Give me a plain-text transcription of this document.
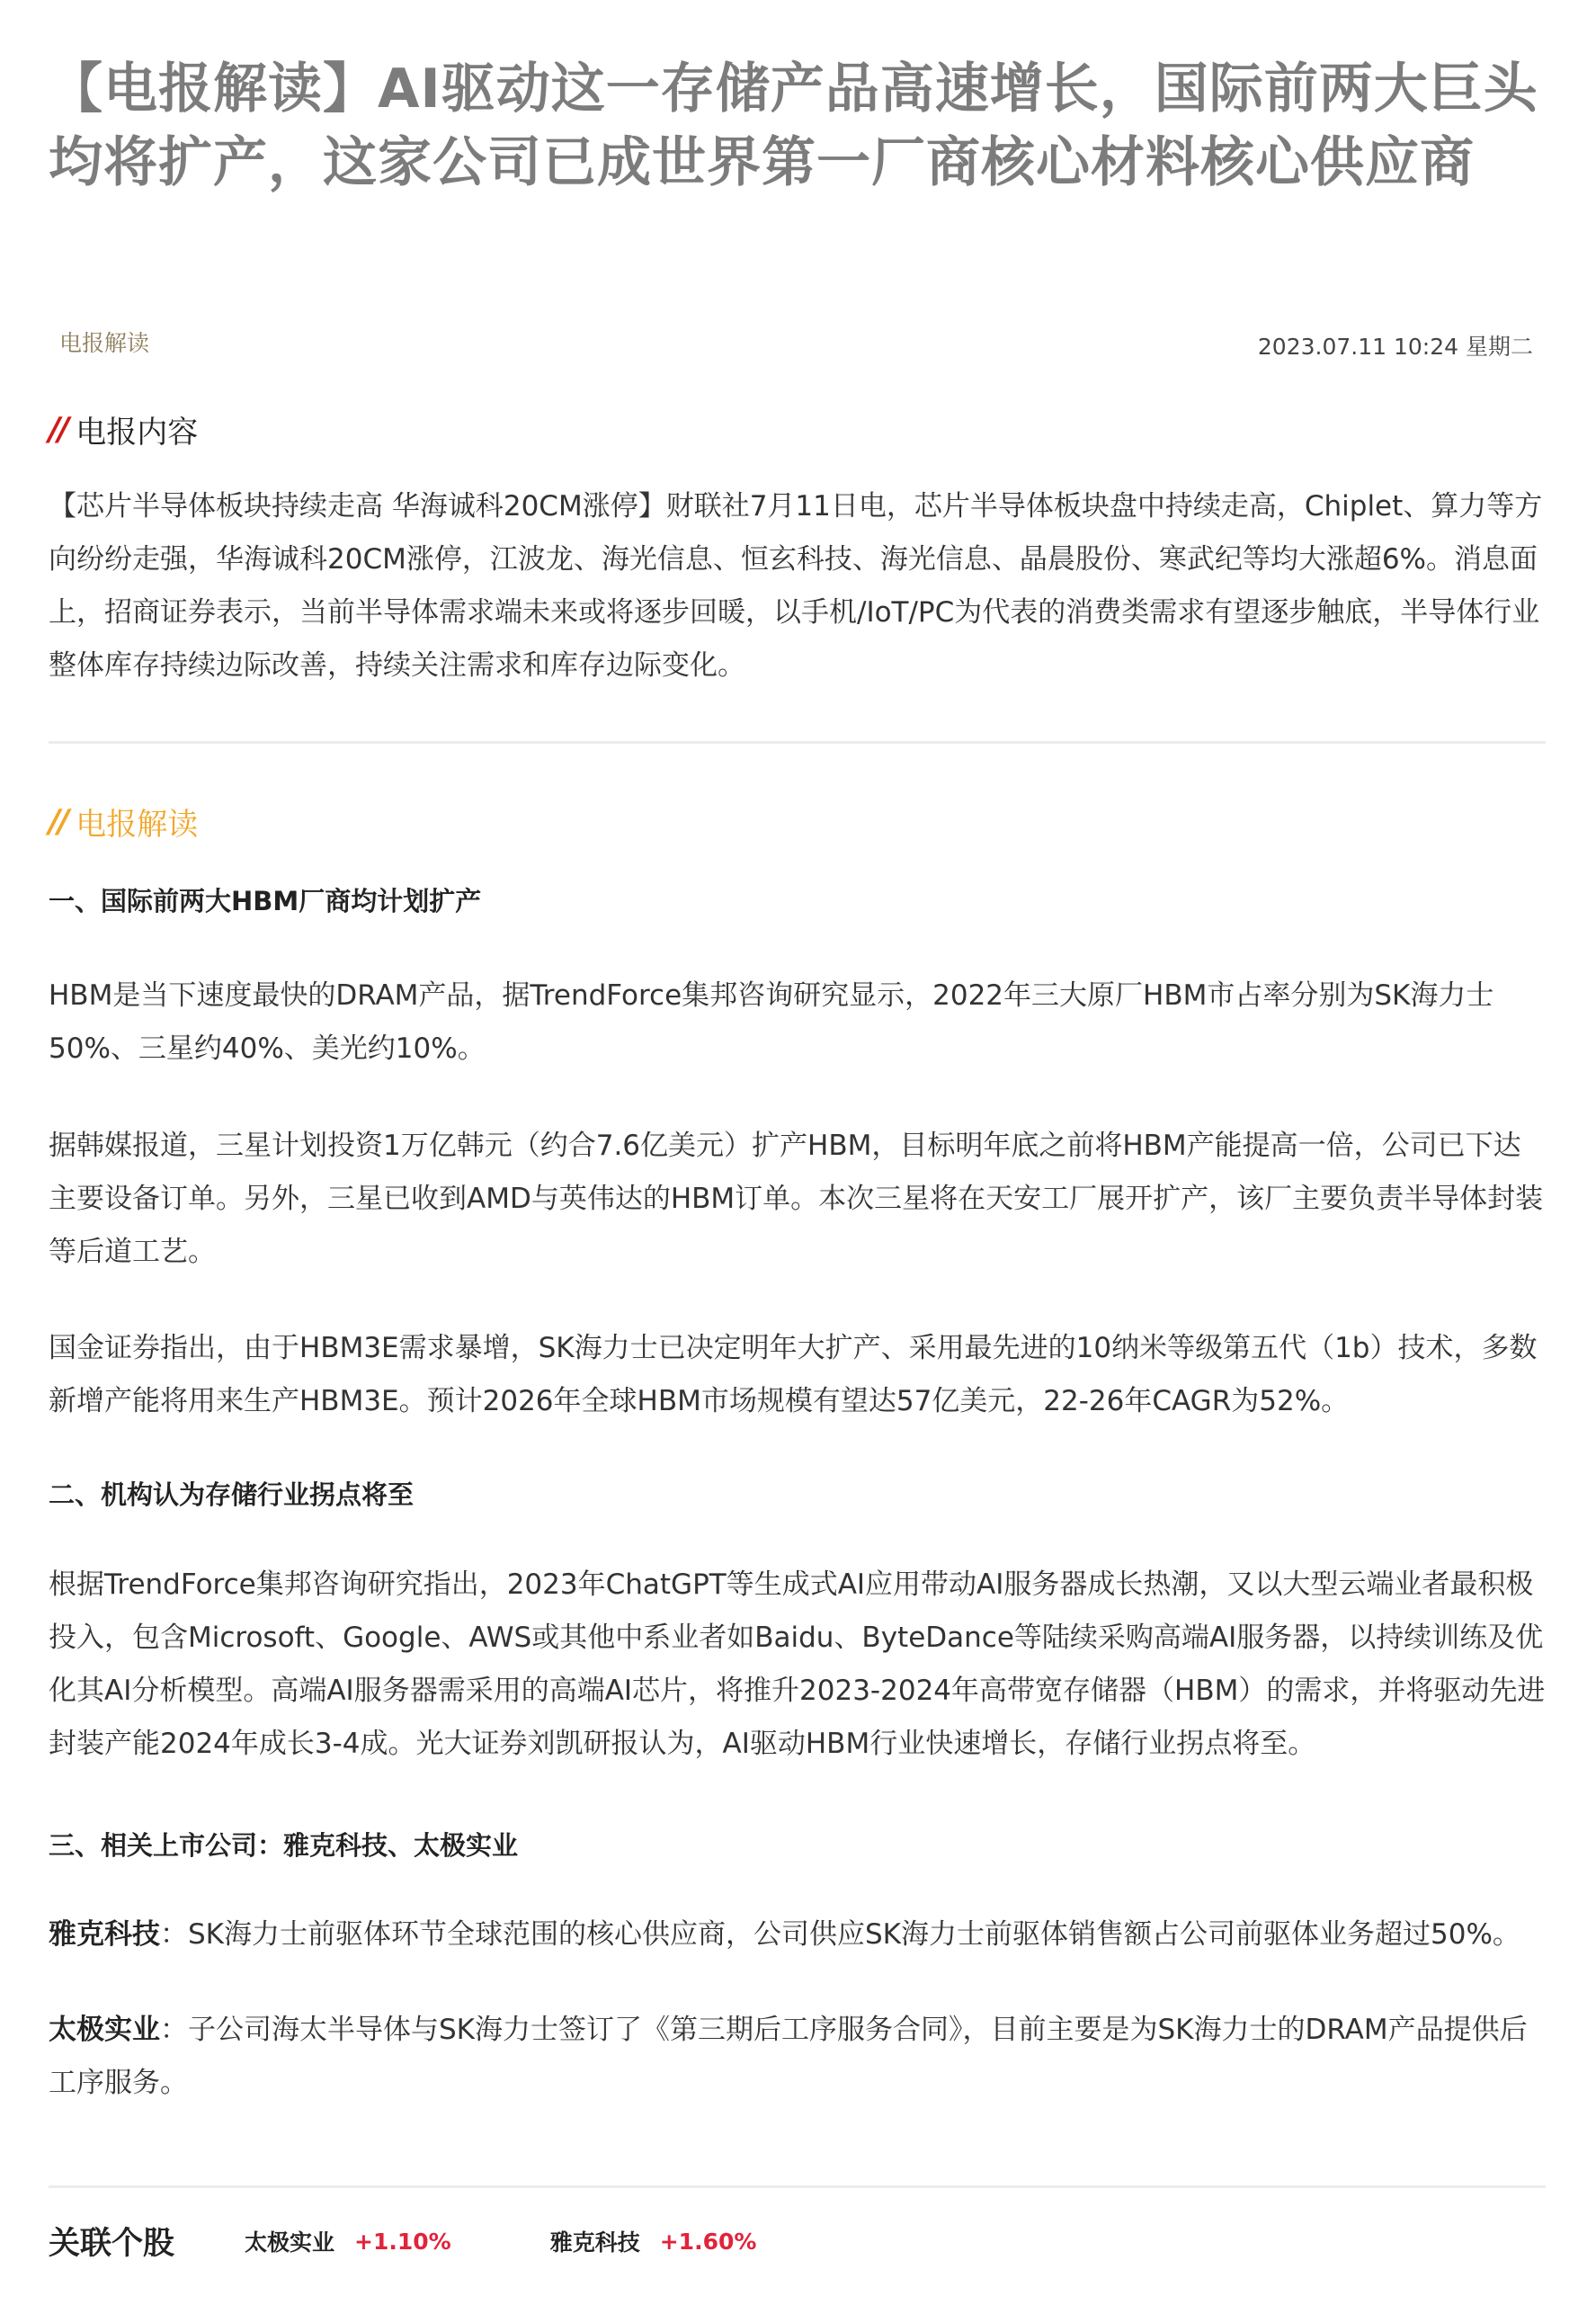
【电报解读】AI驱动这一存储产品高速增长，国际前两大巨头均将扩产，这家公司已成世界第一厂商核心材料核心供应商
电报解读	2023.07.11 10:24 星期二
// 电报内容

【芯片半导体板块持续走高 华海诚科20CM涨停】财联社7月11日电，芯片半导体板块盘中持续走高，Chiplet、算力等方向纷纷走强，华海诚科20CM涨停，江波龙、海光信息、恒玄科技、海光信息、晶晨股份、寒武纪等均大涨超6%。消息面上，招商证券表示，当前半导体需求端未来或将逐步回暖，以手机/IoT/PC为代表的消费类需求有望逐步触底，半导体行业整体库存持续边际改善，持续关注需求和库存边际变化。

// 电报解读
一、国际前两大HBM厂商均计划扩产

HBM是当下速度最快的DRAM产品，据TrendForce集邦咨询研究显示，2022年三大原厂HBM市占率分别为SK海力士50%、三星约40%、美光约10%。

据韩媒报道，三星计划投资1万亿韩元（约合7.6亿美元）扩产HBM，目标明年底之前将HBM产能提高一倍，公司已下达主要设备订单。另外，三星已收到AMD与英伟达的HBM订单。本次三星将在天安工厂展开扩产，该厂主要负责半导体封装等后道工艺。

国金证券指出，由于HBM3E需求暴增，SK海力士已决定明年大扩产、采用最先进的10纳米等级第五代（1b）技术，多数新增产能将用来生产HBM3E。预计2026年全球HBM市场规模有望达57亿美元，22-26年CAGR为52%。

二、机构认为存储行业拐点将至

根据TrendForce集邦咨询研究指出，2023年ChatGPT等生成式AI应用带动AI服务器成长热潮，又以大型云端业者最积极投入，包含Microsoft、Google、AWS或其他中系业者如Baidu、ByteDance等陆续采购高端AI服务器，以持续训练及优化其AI分析模型。高端AI服务器需采用的高端AI芯片，将推升2023-2024年高带宽存储器（HBM）的需求，并将驱动先进封装产能2024年成长3-4成。光大证券刘凯研报认为，AI驱动HBM行业快速增长，存储行业拐点将至。

三、相关上市公司：雅克科技、太极实业

雅克科技：SK海力士前驱体环节全球范围的核心供应商，公司供应SK海力士前驱体销售额占公司前驱体业务超过50%。

太极实业：子公司海太半导体与SK海力士签订了《第三期后工序服务合同》，目前主要是为SK海力士的DRAM产品提供后工序服务。

关联个股	太极实业 +1.10%	雅克科技 +1.60%
